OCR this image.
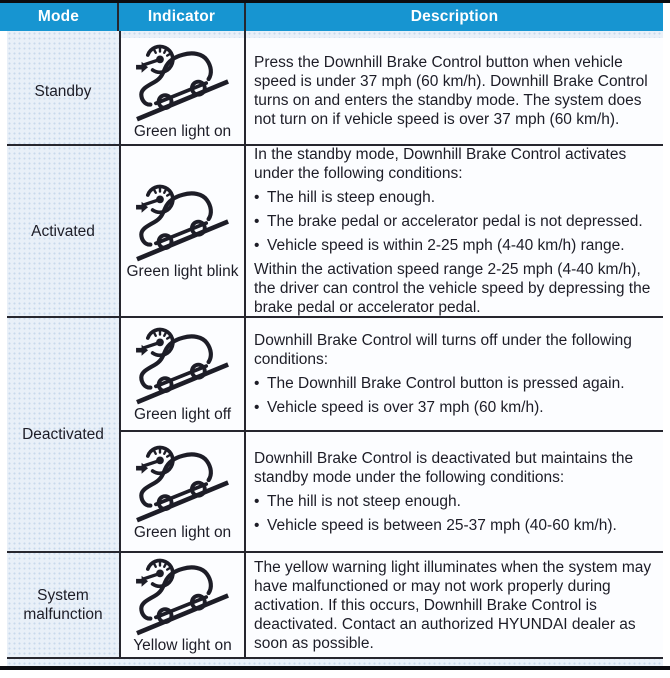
Mode	Indicator	Description
Standby
Green light on
Press the Downhill Brake Control button when vehicle speed is under 37 mph (60 km/h). Downhill Brake Control turns on and enters the standby mode. The system does not turn on if vehicle speed is over 37 mph (60 km/h).
Activated
Green light blink
In the standby mode, Downhill Brake Control activates under the following conditions:
• The hill is steep enough.
• The brake pedal or accelerator pedal is not depressed.
• Vehicle speed is within 2-25 mph (4-40 km/h) range.
Within the activation speed range 2-25 mph (4-40 km/h), the driver can control the vehicle speed by depressing the brake pedal or accelerator pedal.
Deactivated
Green light off
Downhill Brake Control will turns off under the following conditions:
• The Downhill Brake Control button is pressed again.
• Vehicle speed is over 37 mph (60 km/h).
Green light on
Downhill Brake Control is deactivated but maintains the standby mode under the following conditions:
• The hill is not steep enough.
• Vehicle speed is between 25-37 mph (40-60 km/h).
System malfunction
Yellow light on
The yellow warning light illuminates when the system may have malfunctioned or may not work properly during activation. If this occurs, Downhill Brake Control is deactivated. Contact an authorized HYUNDAI dealer as soon as possible.
